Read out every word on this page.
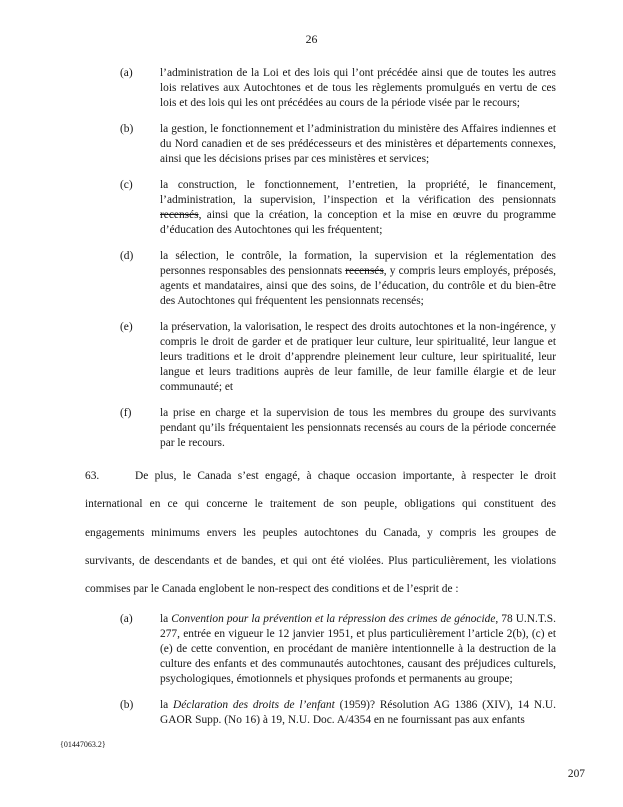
26
(a)	l’administration de la Loi et des lois qui l’ont précédée ainsi que de toutes les autres lois relatives aux Autochtones et de tous les règlements promulgués en vertu de ces lois et des lois qui les ont précédées au cours de la période visée par le recours;
(b)	la gestion, le fonctionnement et l’administration du ministère des Affaires indiennes et du Nord canadien et de ses prédécesseurs et des ministères et départements connexes, ainsi que les décisions prises par ces ministères et services;
(c)	la construction, le fonctionnement, l’entretien, la propriété, le financement, l’administration, la supervision, l’inspection et la vérification des pensionnats recensés, ainsi que la création, la conception et la mise en œuvre du programme d’éducation des Autochtones qui les fréquentent;
(d)	la sélection, le contrôle, la formation, la supervision et la réglementation des personnes responsables des pensionnats recensés, y compris leurs employés, préposés, agents et mandataires, ainsi que des soins, de l’éducation, du contrôle et du bien-être des Autochtones qui fréquentent les pensionnats recensés;
(e)	la préservation, la valorisation, le respect des droits autochtones et la non-ingérence, y compris le droit de garder et de pratiquer leur culture, leur spiritualité, leur langue et leurs traditions et le droit d’apprendre pleinement leur culture, leur spiritualité, leur langue et leurs traditions auprès de leur famille, de leur famille élargie et de leur communauté; et
(f)	la prise en charge et la supervision de tous les membres du groupe des survivants pendant qu’ils fréquentaient les pensionnats recensés au cours de la période concernée par le recours.
63.	De plus, le Canada s’est engagé, à chaque occasion importante, à respecter le droit international en ce qui concerne le traitement de son peuple, obligations qui constituent des engagements minimums envers les peuples autochtones du Canada, y compris les groupes de survivants, de descendants et de bandes, et qui ont été violées. Plus particulièrement, les violations commises par le Canada englobent le non-respect des conditions et de l’esprit de :
(a)	la Convention pour la prévention et la répression des crimes de génocide, 78 U.N.T.S. 277, entrée en vigueur le 12 janvier 1951, et plus particulièrement l’article 2(b), (c) et (e) de cette convention, en procédant de manière intentionnelle à la destruction de la culture des enfants et des communautés autochtones, causant des préjudices culturels, psychologiques, émotionnels et physiques profonds et permanents au groupe;
(b)	la Déclaration des droits de l’enfant (1959)? Résolution AG 1386 (XIV), 14 N.U. GAOR Supp. (No 16) à 19, N.U. Doc. A/4354 en ne fournissant pas aux enfants
{01447063.2}
207
